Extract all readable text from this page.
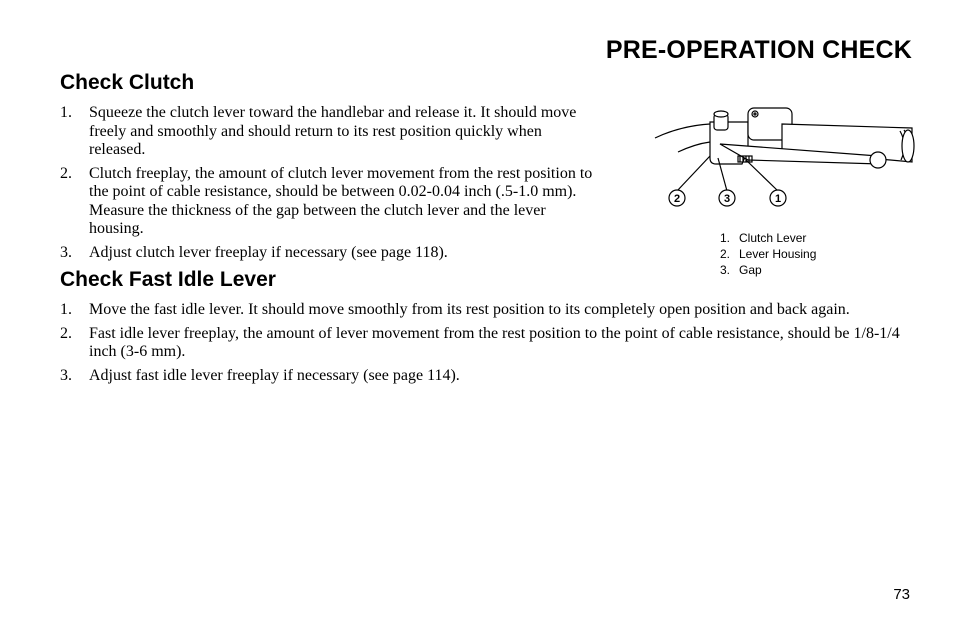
PRE-OPERATION CHECK
Check Clutch
1. Squeeze the clutch lever toward the handlebar and release it. It should move freely and smoothly and should return to its rest position quickly when released.
2. Clutch freeplay, the amount of clutch lever movement from the rest position to the point of cable resistance, should be between 0.02-0.04 inch (.5-1.0 mm). Measure the thickness of the gap between the clutch lever and the lever housing.
3. Adjust clutch lever freeplay if necessary (see page 118).
2	3	1
1. Clutch Lever
2. Lever Housing
3. Gap
Check Fast Idle Lever
1. Move the fast idle lever. It should move smoothly from its rest position to its completely open position and back again.
2. Fast idle lever freeplay, the amount of lever movement from the rest position to the point of cable resistance, should be 1/8-1/4 inch (3-6 mm).
3. Adjust fast idle lever freeplay if necessary (see page 114).
73
